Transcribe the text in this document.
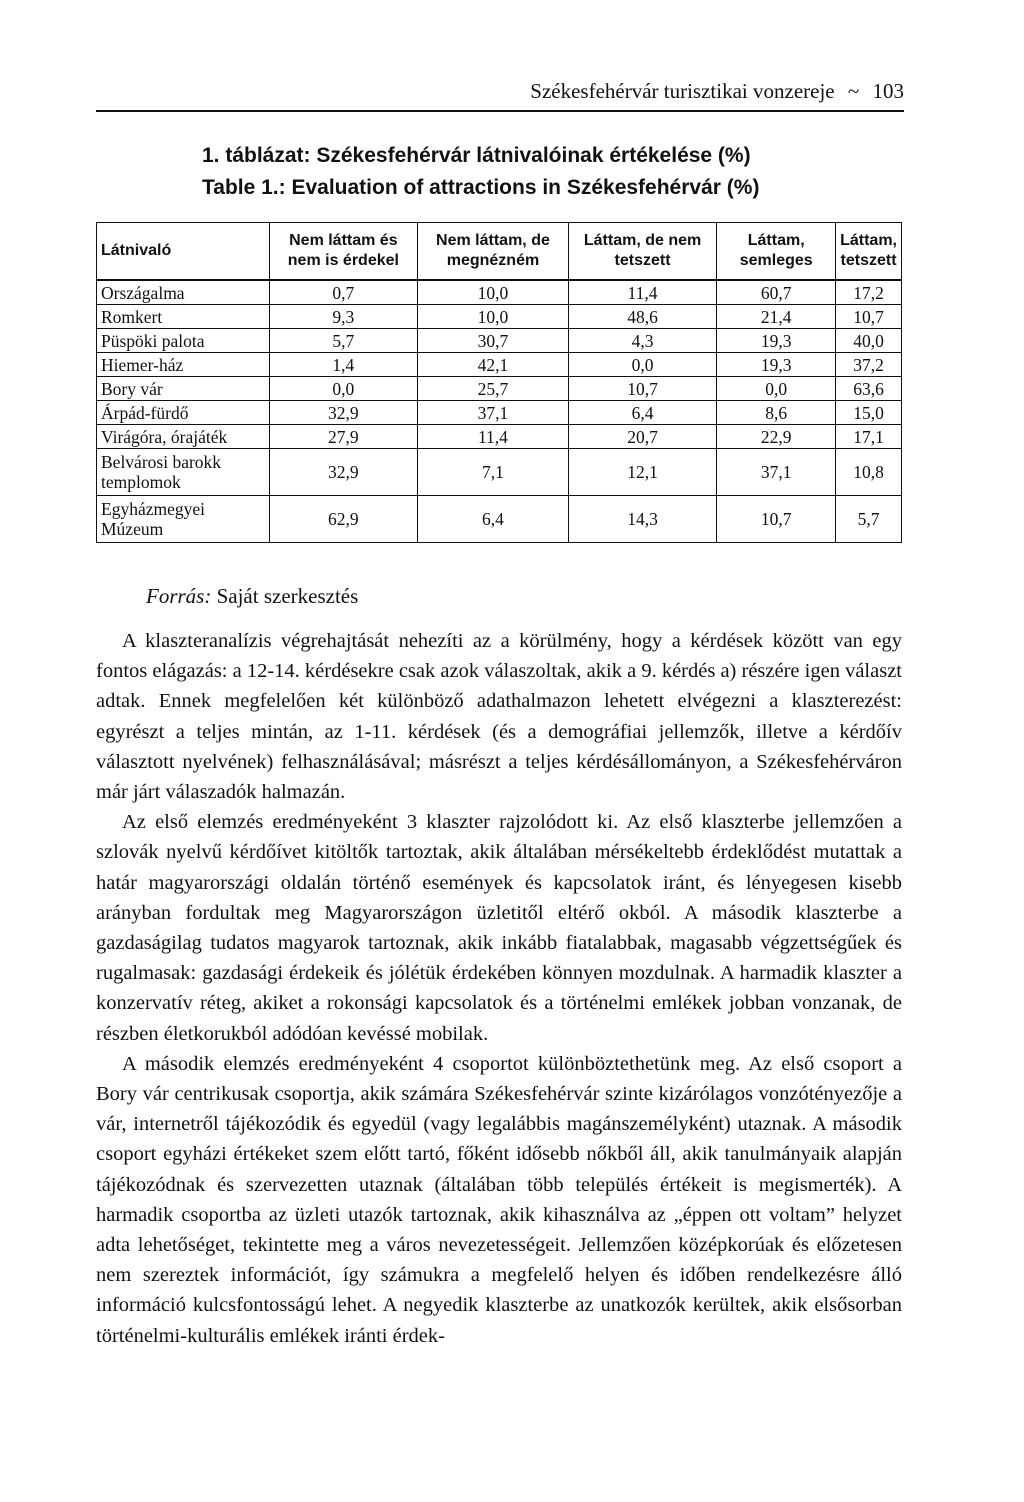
Székesfehérvár turisztikai vonzereje ~ 103
1. táblázat: Székesfehérvár látnivalóinak értékelése (%)
Table 1.: Evaluation of attractions in Székesfehérvár (%)
Látnivaló	Nem láttam és nem is érdekel	Nem láttam, de megnézném	Láttam, de nem tetszett	Láttam, semleges	Láttam, tetszett
Országalma	0,7	10,0	11,4	60,7	17,2
Romkert	9,3	10,0	48,6	21,4	10,7
Püspöki palota	5,7	30,7	4,3	19,3	40,0
Hiemer-ház	1,4	42,1	0,0	19,3	37,2
Bory vár	0,0	25,7	10,7	0,0	63,6
Árpád-fürdő	32,9	37,1	6,4	8,6	15,0
Virágóra, órajáték	27,9	11,4	20,7	22,9	17,1
Belvárosi barokk templomok	32,9	7,1	12,1	37,1	10,8
Egyházmegyei Múzeum	62,9	6,4	14,3	10,7	5,7
Forrás: Saját szerkesztés

A klaszteranalízis végrehajtását nehezíti az a körülmény, hogy a kérdések között van egy fontos elágazás: a 12-14. kérdésekre csak azok válaszoltak, akik a 9. kérdés a) részére igen választ adtak. Ennek megfelelően két különböző adathalmazon lehetett elvégezni a klaszterezést: egyrészt a teljes mintán, az 1-11. kérdések (és a demográfiai jellemzők, illetve a kérdőív választott nyelvének) felhasználásával; másrészt a teljes kérdésállományon, a Székesfehérváron már járt válaszadók halmazán.

Az első elemzés eredményeként 3 klaszter rajzolódott ki. Az első klaszterbe jellemzően a szlovák nyelvű kérdőívet kitöltők tartoztak, akik általában mérsékeltebb érdeklődést mutattak a határ magyarországi oldalán történő események és kapcsolatok iránt, és lényegesen kisebb arányban fordultak meg Magyarországon üzletitől eltérő okból. A második klaszterbe a gazdaságilag tudatos magyarok tartoznak, akik inkább fiatalabbak, magasabb végzettségűek és rugalmasak: gazdasági érdekeik és jólétük érdekében könnyen mozdulnak. A harmadik klaszter a konzervatív réteg, akiket a rokonsági kapcsolatok és a történelmi emlékek jobban vonzanak, de részben életkorukból adódóan kevéssé mobilak.

A második elemzés eredményeként 4 csoportot különböztethetünk meg. Az első csoport a Bory vár centrikusak csoportja, akik számára Székesfehérvár szinte kizárólagos vonzótényezője a vár, internetről tájékozódik és egyedül (vagy legalábbis magánszemélyként) utaznak. A második csoport egyházi értékeket szem előtt tartó, főként idősebb nőkből áll, akik tanulmányaik alapján tájékozódnak és szervezetten utaznak (általában több település értékeit is megismerték). A harmadik csoportba az üzleti utazók tartoznak, akik kihasználva az „éppen ott voltam” helyzet adta lehetőséget, tekintette meg a város nevezetességeit. Jellemzően középkorúak és előzetesen nem szereztek információt, így számukra a megfelelő helyen és időben rendelkezésre álló információ kulcsfontosságú lehet. A negyedik klaszterbe az unatkozók kerültek, akik elsősorban történelmi-kulturális emlékek iránti érdek-
